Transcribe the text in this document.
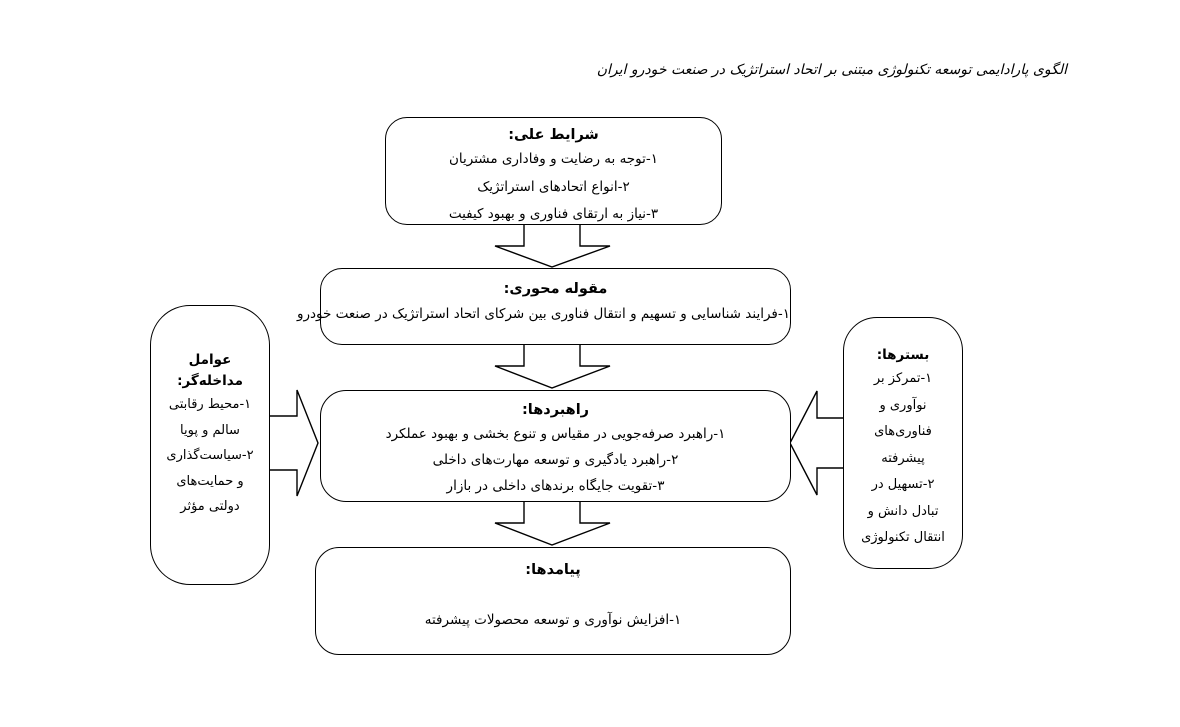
الگوی پارادایمی توسعه تکنولوژی مبتنی بر اتحاد استراتژیک در صنعت خودرو ایران
شرایط علی:
۱-توجه به رضایت و وفاداری مشتریان
۲-انواع اتحادهای استراتژیک
۳-نیاز به ارتقای فناوری و بهبود کیفیت
مقوله محوری:
۱-فرایند شناسایی و تسهیم و انتقال فناوری بین شرکای اتحاد استراتژیک در صنعت خودرو
راهبردها:
۱-راهبرد صرفه‌جویی در مقیاس و تنوع بخشی و بهبود عملکرد
۲-راهبرد یادگیری و توسعه مهارت‌های داخلی
۳-تقویت جایگاه برندهای داخلی در بازار
پیامدها:
۱-افزایش نوآوری و توسعه محصولات پیشرفته
عوامل مداخله‌گر:
۱-محیط رقابتی
سالم و پویا
۲-سیاست‌گذاری
و حمایت‌های
دولتی مؤثر
بسترها:
۱-تمرکز بر
نوآوری و
فناوری‌های
پیشرفته
۲-تسهیل در
تبادل دانش و
انتقال تکنولوژی
